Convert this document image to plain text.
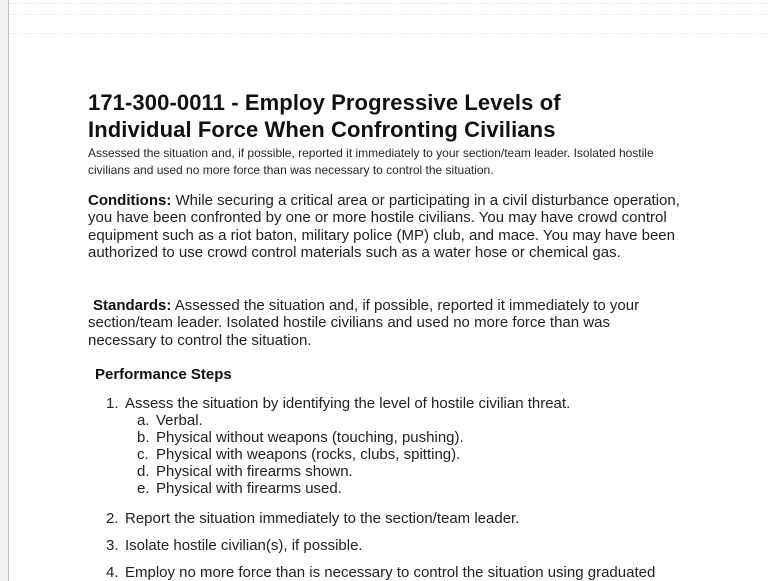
171-300-0011 - Employ Progressive Levels of
Individual Force When Confronting Civilians

Assessed the situation and, if possible, reported it immediately to your section/team leader. Isolated hostile civilians and used no more force than was necessary to control the situation.

Conditions: While securing a critical area or participating in a civil disturbance operation, you have been confronted by one or more hostile civilians. You may have crowd control equipment such as a riot baton, military police (MP) club, and mace. You may have been authorized to use crowd control materials such as a water hose or chemical gas.

Standards: Assessed the situation and, if possible, reported it immediately to your section/team leader. Isolated hostile civilians and used no more force than was necessary to control the situation.

Performance Steps
1. Assess the situation by identifying the level of hostile civilian threat.
a. Verbal.
b. Physical without weapons (touching, pushing).
c. Physical with weapons (rocks, clubs, spitting).
d. Physical with firearms shown.
e. Physical with firearms used.
2. Report the situation immediately to the section/team leader.
3. Isolate hostile civilian(s), if possible.
4. Employ no more force than is necessary to control the situation using graduated
